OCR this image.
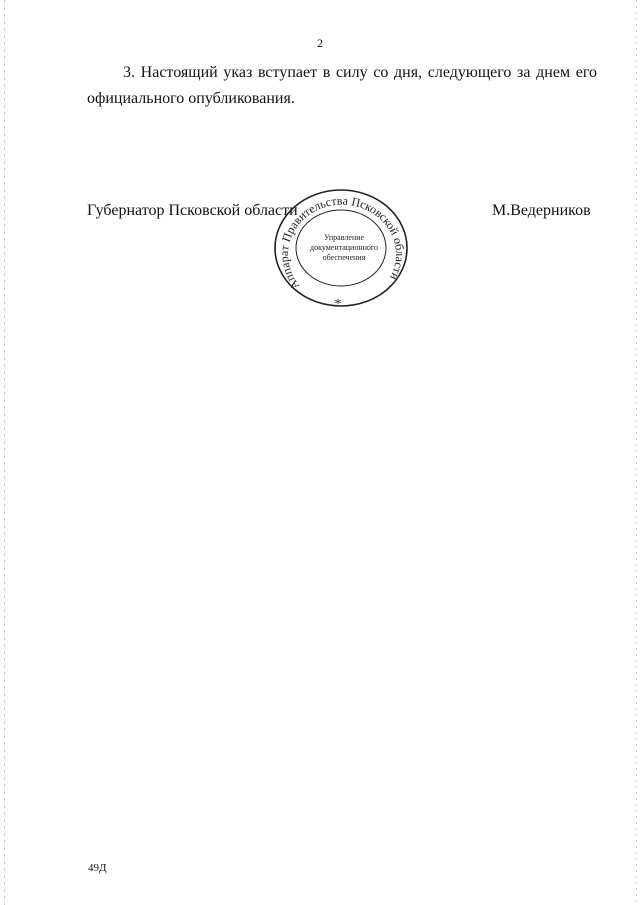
2

3. Настоящий указ вступает в силу со дня, следующего за днем его официального опубликования.

Губернатор Псковской области
Аппарат Правительства Псковской области
Управление
документационного
обеспечения
*
М.Ведерников
49Д
